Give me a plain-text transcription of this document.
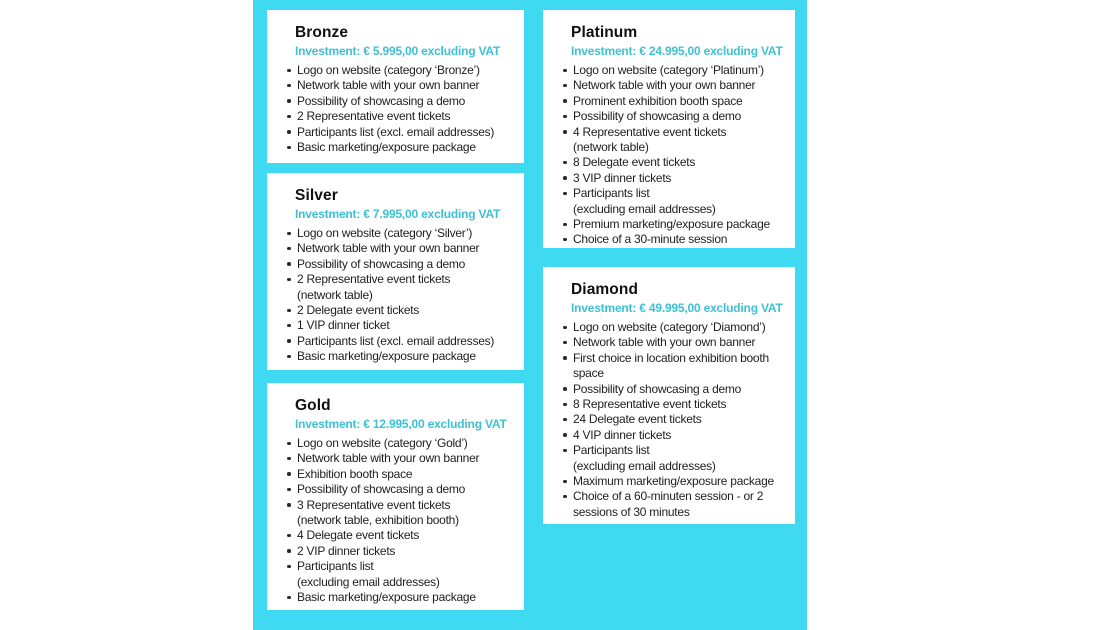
Bronze
Investment: € 5.995,00 excluding VAT
Logo on website (category ‘Bronze’)
Network table with your own banner
Possibility of showcasing a demo
2 Representative event tickets
Participants list (excl. email addresses)
Basic marketing/exposure package
Silver
Investment: € 7.995,00 excluding VAT
Logo on website (category ‘Silver’)
Network table with your own banner
Possibility of showcasing a demo
2 Representative event tickets
(network table)
2 Delegate event tickets
1 VIP dinner ticket
Participants list (excl. email addresses)
Basic marketing/exposure package
Gold
Investment: € 12.995,00 excluding VAT
Logo on website (category ‘Gold’)
Network table with your own banner
Exhibition booth space
Possibility of showcasing a demo
3 Representative event tickets
(network table, exhibition booth)
4 Delegate event tickets
2 VIP dinner tickets
Participants list
(excluding email addresses)
Basic marketing/exposure package
Platinum
Investment: € 24.995,00 excluding VAT
Logo on website (category ‘Platinum’)
Network table with your own banner
Prominent exhibition booth space
Possibility of showcasing a demo
4 Representative event tickets
(network table)
8 Delegate event tickets
3 VIP dinner tickets
Participants list
(excluding email addresses)
Premium marketing/exposure package
Choice of a 30-minute session
Diamond
Investment: € 49.995,00 excluding VAT
Logo on website (category ‘Diamond’)
Network table with your own banner
First choice in location exhibition booth
space
Possibility of showcasing a demo
8 Representative event tickets
24 Delegate event tickets
4 VIP dinner tickets
Participants list
(excluding email addresses)
Maximum marketing/exposure package
Choice of a 60-minuten session - or 2
sessions of 30 minutes
